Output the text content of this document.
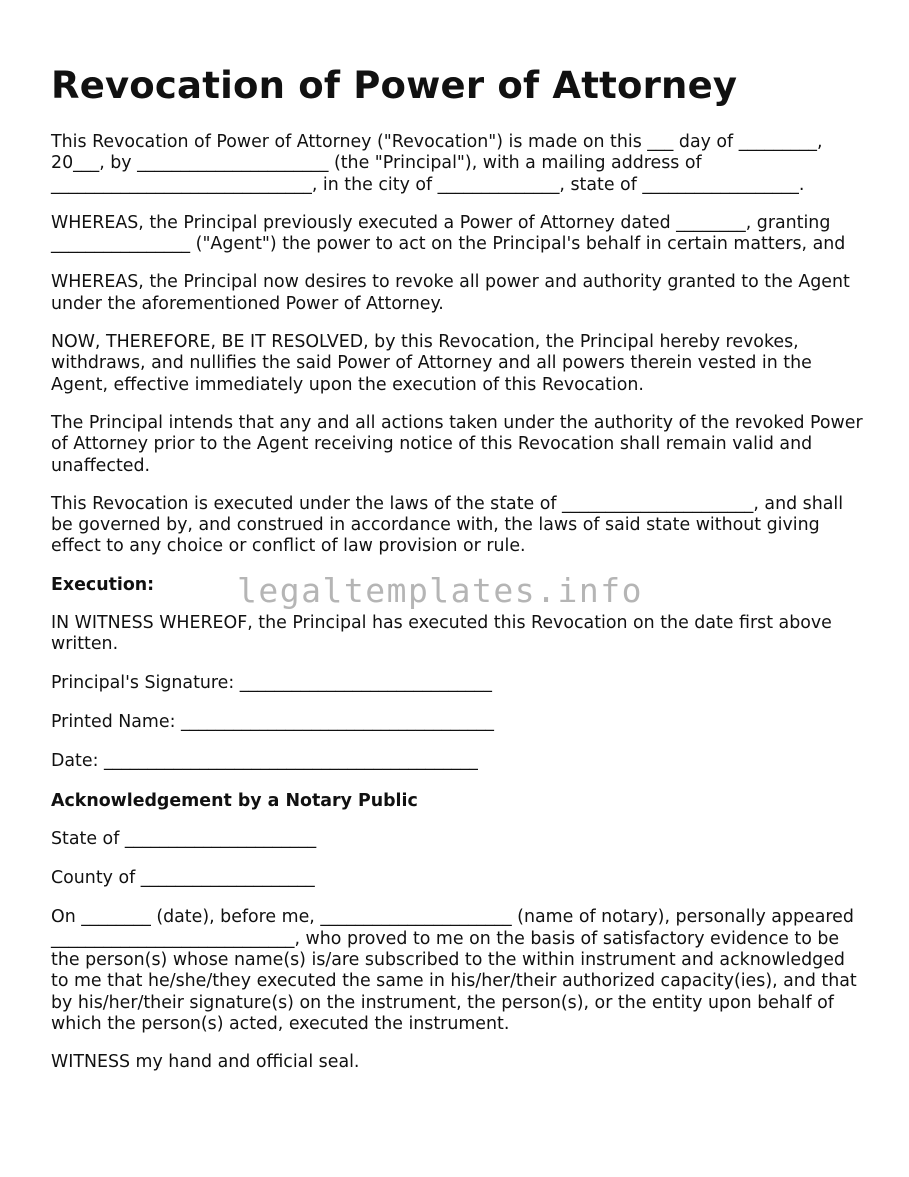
Revocation of Power of Attorney

This Revocation of Power of Attorney ("Revocation") is made on this ___ day of _________, 20___, by ______________________ (the "Principal"), with a mailing address of ______________________________, in the city of ______________, state of __________________.

WHEREAS, the Principal previously executed a Power of Attorney dated ________, granting ________________ ("Agent") the power to act on the Principal's behalf in certain matters, and

WHEREAS, the Principal now desires to revoke all power and authority granted to the Agent under the aforementioned Power of Attorney.

NOW, THEREFORE, BE IT RESOLVED, by this Revocation, the Principal hereby revokes, withdraws, and nullifies the said Power of Attorney and all powers therein vested in the Agent, effective immediately upon the execution of this Revocation.

The Principal intends that any and all actions taken under the authority of the revoked Power of Attorney prior to the Agent receiving notice of this Revocation shall remain valid and unaffected.

This Revocation is executed under the laws of the state of ______________________, and shall be governed by, and construed in accordance with, the laws of said state without giving effect to any choice or conflict of law provision or rule.

Execution:

IN WITNESS WHEREOF, the Principal has executed this Revocation on the date first above written.

Principal's Signature: _____________________________

Printed Name: ____________________________________

Date: ___________________________________________

Acknowledgement by a Notary Public

State of ______________________

County of ____________________

On ________ (date), before me, ______________________ (name of notary), personally appeared ____________________________, who proved to me on the basis of satisfactory evidence to be the person(s) whose name(s) is/are subscribed to the within instrument and acknowledged to me that he/she/they executed the same in his/her/their authorized capacity(ies), and that by his/her/their signature(s) on the instrument, the person(s), or the entity upon behalf of which the person(s) acted, executed the instrument.

WITNESS my hand and official seal.

legaltemplates.info
